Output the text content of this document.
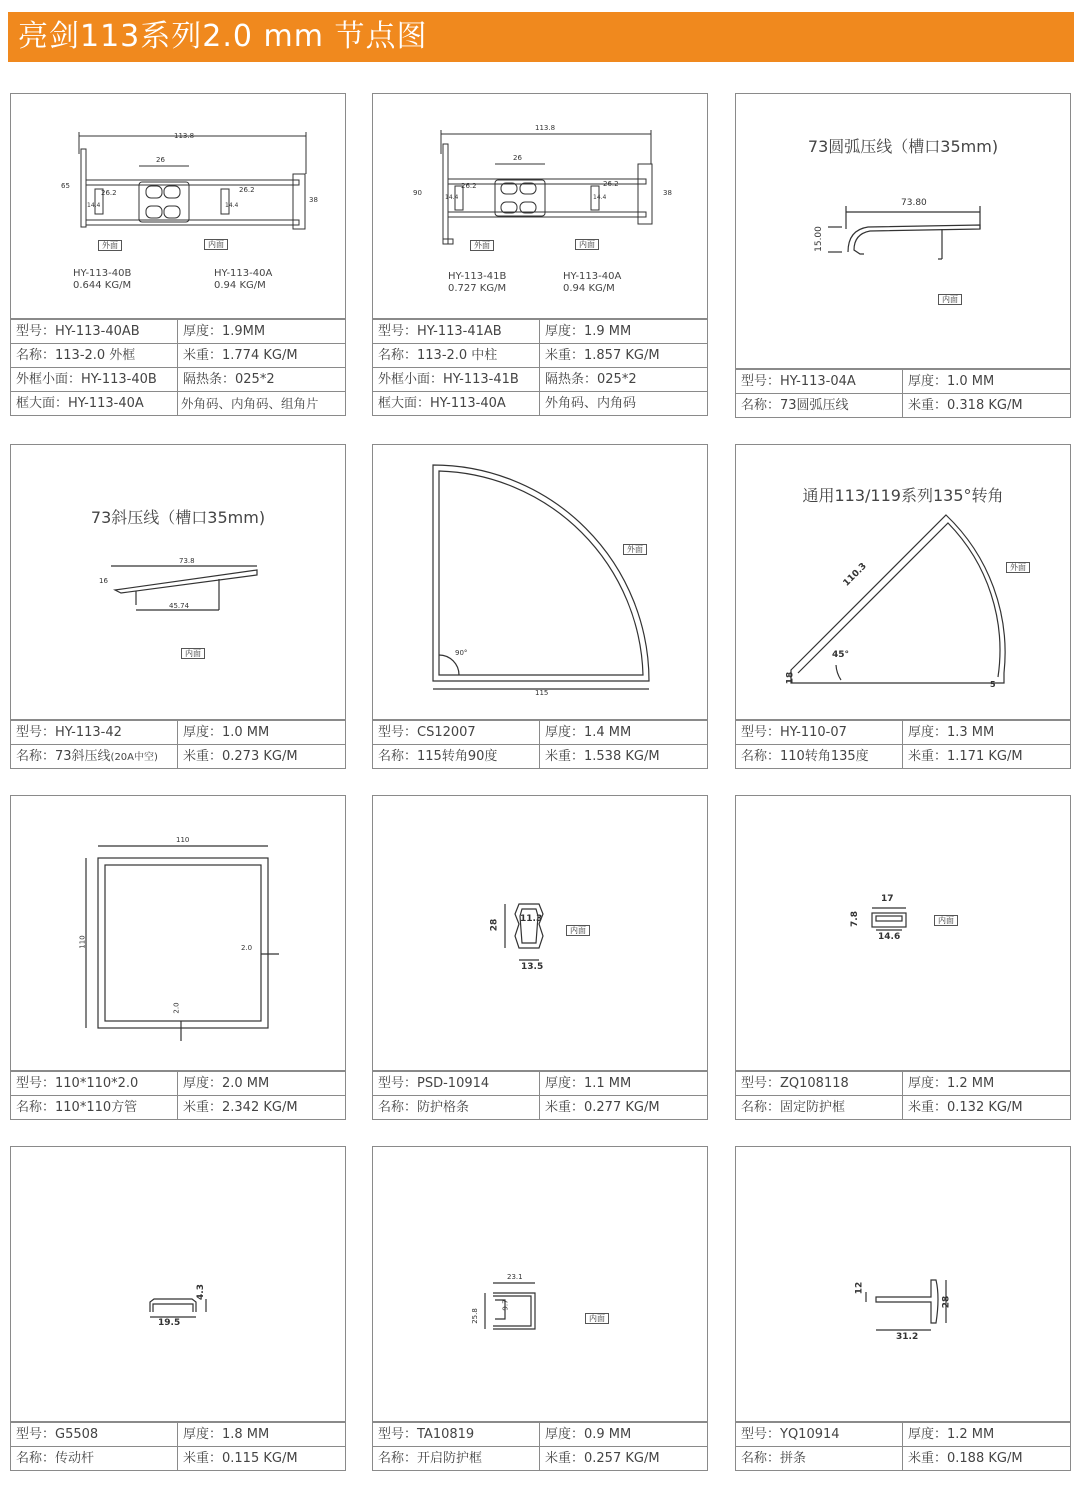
亮剑113系列2.0 mm 节点图
113.8
26
26.2	26.2
14.4	14.4
65
38
外面	内面
HY-113-40B
0.644 KG/M
HY-113-40A
0.94 KG/M
型号：HY-113-40AB	厚度：1.9MM
名称：113-2.0 外框	米重：1.774 KG/M
外框小面：HY-113-40B	隔热条：025*2
框大面：HY-113-40A	外角码、内角码、组角片
113.8
26
26.2	26.2
14.4	14.4
90	38
外面	内面
HY-113-41B
0.727 KG/M
HY-113-40A
0.94 KG/M
型号：HY-113-41AB	厚度：1.9 MM
名称：113-2.0 中柱	米重：1.857 KG/M
外框小面：HY-113-41B	隔热条：025*2
框大面：HY-113-40A	外角码、内角码
73圆弧压线（槽口35mm)
73.80
15.00
内面
型号：HY-113-04A	厚度：1.0 MM
名称：73圆弧压线	米重：0.318 KG/M
73斜压线（槽口35mm)
73.8
16
45.74
内面
型号：HY-113-42	厚度：1.0 MM
名称：73斜压线(20A中空)	米重：0.273 KG/M
115
90°
外面
型号：CS12007	厚度：1.4 MM
名称：115转角90度	米重：1.538 KG/M
通用113/119系列135°转角
110.3
45°
18
5
外面
型号：HY-110-07	厚度：1.3 MM
名称：110转角135度	米重：1.171 KG/M
110
110	2.0
2.0
型号：110*110*2.0	厚度：2.0 MM
名称：110*110方管	米重：2.342 KG/M
28 11.3
13.5
内面
型号：PSD-10914	厚度：1.1 MM
名称：防护格条	米重：0.277 KG/M
17
7.8
14.6
内面
型号：ZQ108118	厚度：1.2 MM
名称：固定防护框	米重：0.132 KG/M
19.5
4.3
型号：G5508	厚度：1.8 MM
名称：传动杆	米重：0.115 KG/M
23.1
25.8
9.7
内面
型号：TA10819	厚度：0.9 MM
名称：开启防护框	米重：0.257 KG/M
12
28
31.2
型号：YQ10914	厚度：1.2 MM
名称：拼条	米重：0.188 KG/M
